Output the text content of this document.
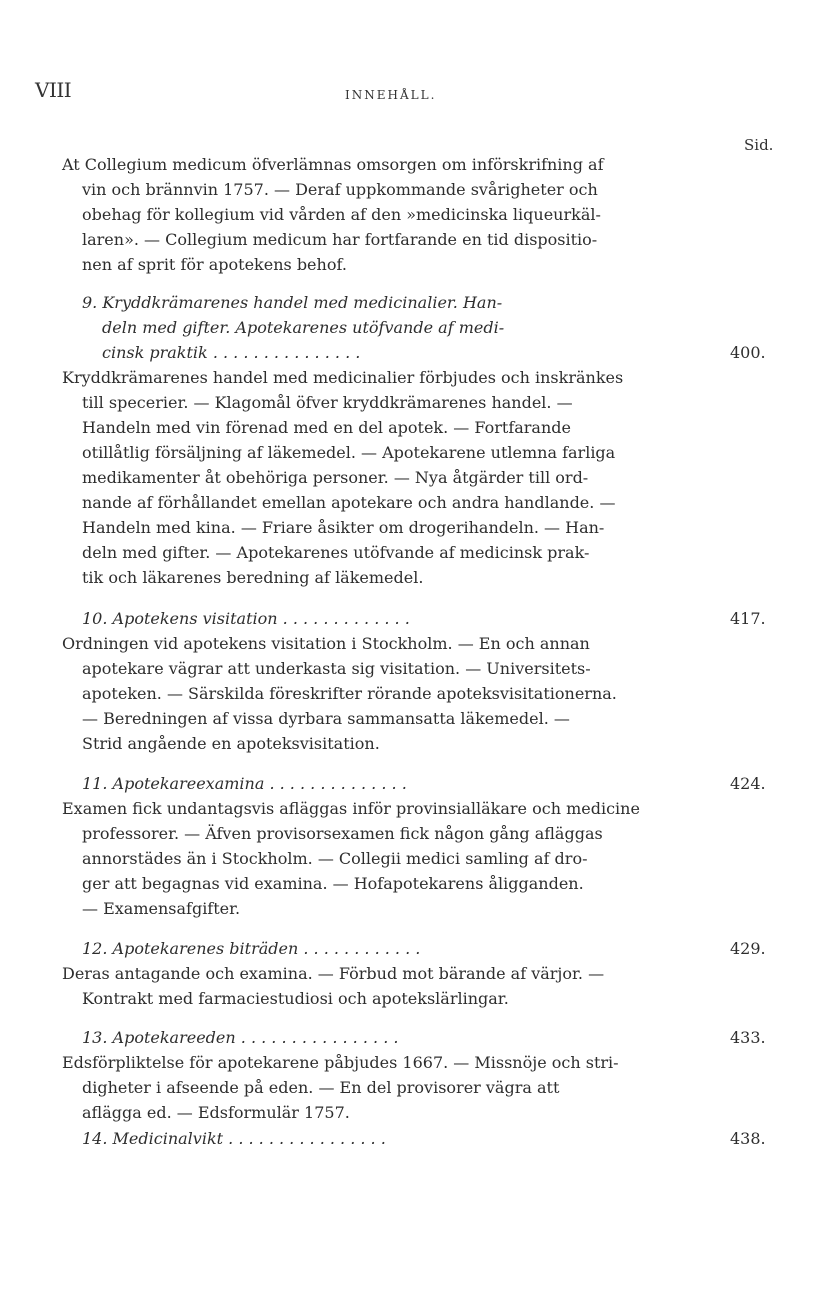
VIII	INNEHÅLL.
Sid.
At Collegium medicum öfverlämnas omsorgen om införskrifning af
vin och brännvin 1757. — Deraf uppkommande svårigheter och
obehag för kollegium vid vården af den »medicinska liqueurkäl-
laren». — Collegium medicum har fortfarande en tid dispositio-
nen af sprit för apotekens behof.
9. Kryddkrämarenes handel med medicinalier. Han-
deln med gifter. Apotekarenes utöfvande af medi-
cinsk praktik . . . . . . . . . . . . . . .	400.
Kryddkrämarenes handel med medicinalier förbjudes och inskränkes
till specerier. — Klagomål öfver kryddkrämarenes handel. —
Handeln med vin förenad med en del apotek. — Fortfarande
otillåtlig försäljning af läkemedel. — Apotekarene utlemna farliga
medikamenter åt obehöriga personer. — Nya åtgärder till ord-
nande af förhållandet emellan apotekare och andra handlande. —
Handeln med kina. — Friare åsikter om drogerihandeln. — Han-
deln med gifter. — Apotekarenes utöfvande af medicinsk prak-
tik och läkarenes beredning af läkemedel.
10. Apotekens visitation . . . . . . . . . . . . .	417.
Ordningen vid apotekens visitation i Stockholm. — En och annan
apotekare vägrar att underkasta sig visitation. — Universitets-
apoteken. — Särskilda föreskrifter rörande apoteksvisitationerna.
— Beredningen af vissa dyrbara sammansatta läkemedel. —
Strid angående en apoteksvisitation.
11. Apotekareexamina . . . . . . . . . . . . . .	424.
Examen fick undantagsvis afläggas inför provinsialläkare och medicine
professorer. — Äfven provisorsexamen fick någon gång afläggas
annorstädes än i Stockholm. — Collegii medici samling af dro-
ger att begagnas vid examina. — Hofapotekarens åligganden.
— Examensafgifter.
12. Apotekarenes biträden . . . . . . . . . . . .	429.
Deras antagande och examina. — Förbud mot bärande af värjor. —
Kontrakt med farmaciestudiosi och apotekslärlingar.
13. Apotekareeden . . . . . . . . . . . . . . . .	433.
Edsförpliktelse för apotekarene påbjudes 1667. — Missnöje och stri-
digheter i afseende på eden. — En del provisorer vägra att
aflägga ed. — Edsformulär 1757.
14. Medicinalvikt . . . . . . . . . . . . . . . .	438.
